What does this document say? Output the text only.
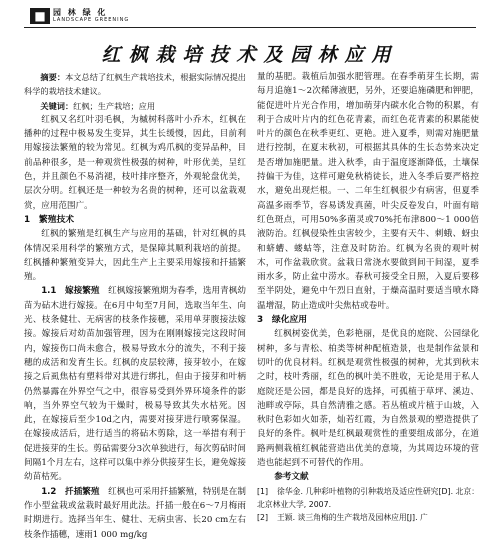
■ 园 林 绿 化
LANDSCAPE GREENING
红枫栽培技术及园林应用

摘要：本文总结了红枫生产栽培技术，根据实际情况提出科学的栽培技术建议。

关键词：红枫；生产栽培；应用

红枫又名红叶羽毛枫，为槭树科落叶小乔木，红枫在播种的过程中极易发生变异，其生长缓慢，因此，目前利用嫁接法繁殖的较为常见。红枫为鸡爪枫的变异品种，目前品种很多，是一种观赏性极强的树种，叶形优美，呈红色，并且颜色不易消褪，枝叶排序整齐，外观轮盘优美，层次分明。红枫还是一种较为名贵的树种，还可以盆栽观赏，应用范围广。

1　繁殖技术

红枫的繁殖是红枫生产与应用的基础，针对红枫的具体情况采用科学的繁殖方式，是保障其顺利栽培的前提。红枫播种繁殖变异大，因此生产上主要采用嫁接和扦插繁殖。

1.1　嫁接繁殖　 红枫嫁接繁殖期为春季，选用青枫幼苗为砧木进行嫁接。在6月中旬至7月间，选取当年生、向光、枝条健壮、无病害的枝条作接穗，采用单芽腹接法嫁接。嫁接后对幼苗加强管理，因为在刚刚嫁接完这段时间内，嫁接伤口尚未愈合，极易导致水分的流失，不利于接穗的成活和发育生长。红枫的皮层较薄，接芽较小，在嫁接之后虱焦枯有塑料带对其进行绑扎，但由于接芽和叶柄仍然暴露在外界空气之中，很容易受到外界环境条件的影响，当外界空气较为干燥时，极易导致其失水枯死。因此，在嫁接后至少10d之内，需要对接芽进行喷雾保湿。在嫁接成活后，进行适当的将砧木剪除，这一举措有利于促进接芽的生长。剪砧需要分3次单独进行，每次剪砧时间间隔1个月左右，这样可以集中养分供接芽生长，避免嫁接幼苗枯死。

1.2　扦插繁殖　 红枫也可采用扦插繁殖，特别是在制作小型盆栽或盆栽时最好用此法。扦插一般在6～7月梅雨时期进行。选择当年生、健壮、无病虫害、长20 cm左右枝条作插穗，速雨1 000 mg/kg

量的基肥。栽植后加强水肥管理。在春季萌芽生长期，需每月追施1～2次稀薄液肥，另外，还要追施磷肥和钾肥，能促进叶片光合作用，增加萌芽内碳水化合物的积累，有利于合成叶片内的红色花青素，而红色花青素的积累能使叶片的颜色在秋季更红、更艳。进入夏季，则需对施肥量进行控制，在夏末秋初，可根据其具体的生长态势来决定是否增加施肥量。进入秋季，由于温度逐渐降低，土壤保持偏干为佳，这样可避免秋梢徒长，进入冬季后要严格控水，避免出现烂根。一、二年生红枫很少有病害，但夏季高温多雨季节，容易诱发真菌，叶尖反卷发白，叶面有暗红色斑点，可用50%多菌灵或70%托布津800～1 000倍液防治。红枫侵染性虫害较少，主要有天牛、刺蛾、蚜虫和蛴螬、蝼蛄等，注意及时防治。红枫为名贵的观叶树木，可作盆栽欣赏。盆栽日常浇水要做到间干间湿，夏季雨水多，防止盆中涝水。春秋可接受全日照，入夏后要移至半阴处，避免中午烈日直射，于燥高温时要适当喷水降温增湿，防止造成叶尖焦枯或卷叶。

3　绿化应用

红枫树姿优美，色彩艳丽，是优良的庭院、公园绿化树种，多与青松、柏类等树种配植造景，也是制作盆景和切叶的优良材料。红枫是观赏性极强的树种，尤其到秋末之时，枝叶秀丽，红色的枫叶美不胜收，无论是用于私人庭院还是公园，都是良好的选择，可孤植于草坪、溪边、池畔或亭际，具自然清雅之感。若丛植或片植于山坡，入秋时色彩如火如荼，灿若红霞，为自然景观的塑造提供了良好的条件。枫叶是红枫最观赏性的重要组成部分，在道路两侧栽植红枫能营造出优美的意境，为其周边环境的营造也能起到不可替代的作用。

参考文献

[1] 徐华金. 几种彩叶植物的引种栽培及适应性研究[D]. 北京：北京林业大学, 2007.

[2] 王颖. 谈三角梅的生产栽培及园林应用[J]. 广
